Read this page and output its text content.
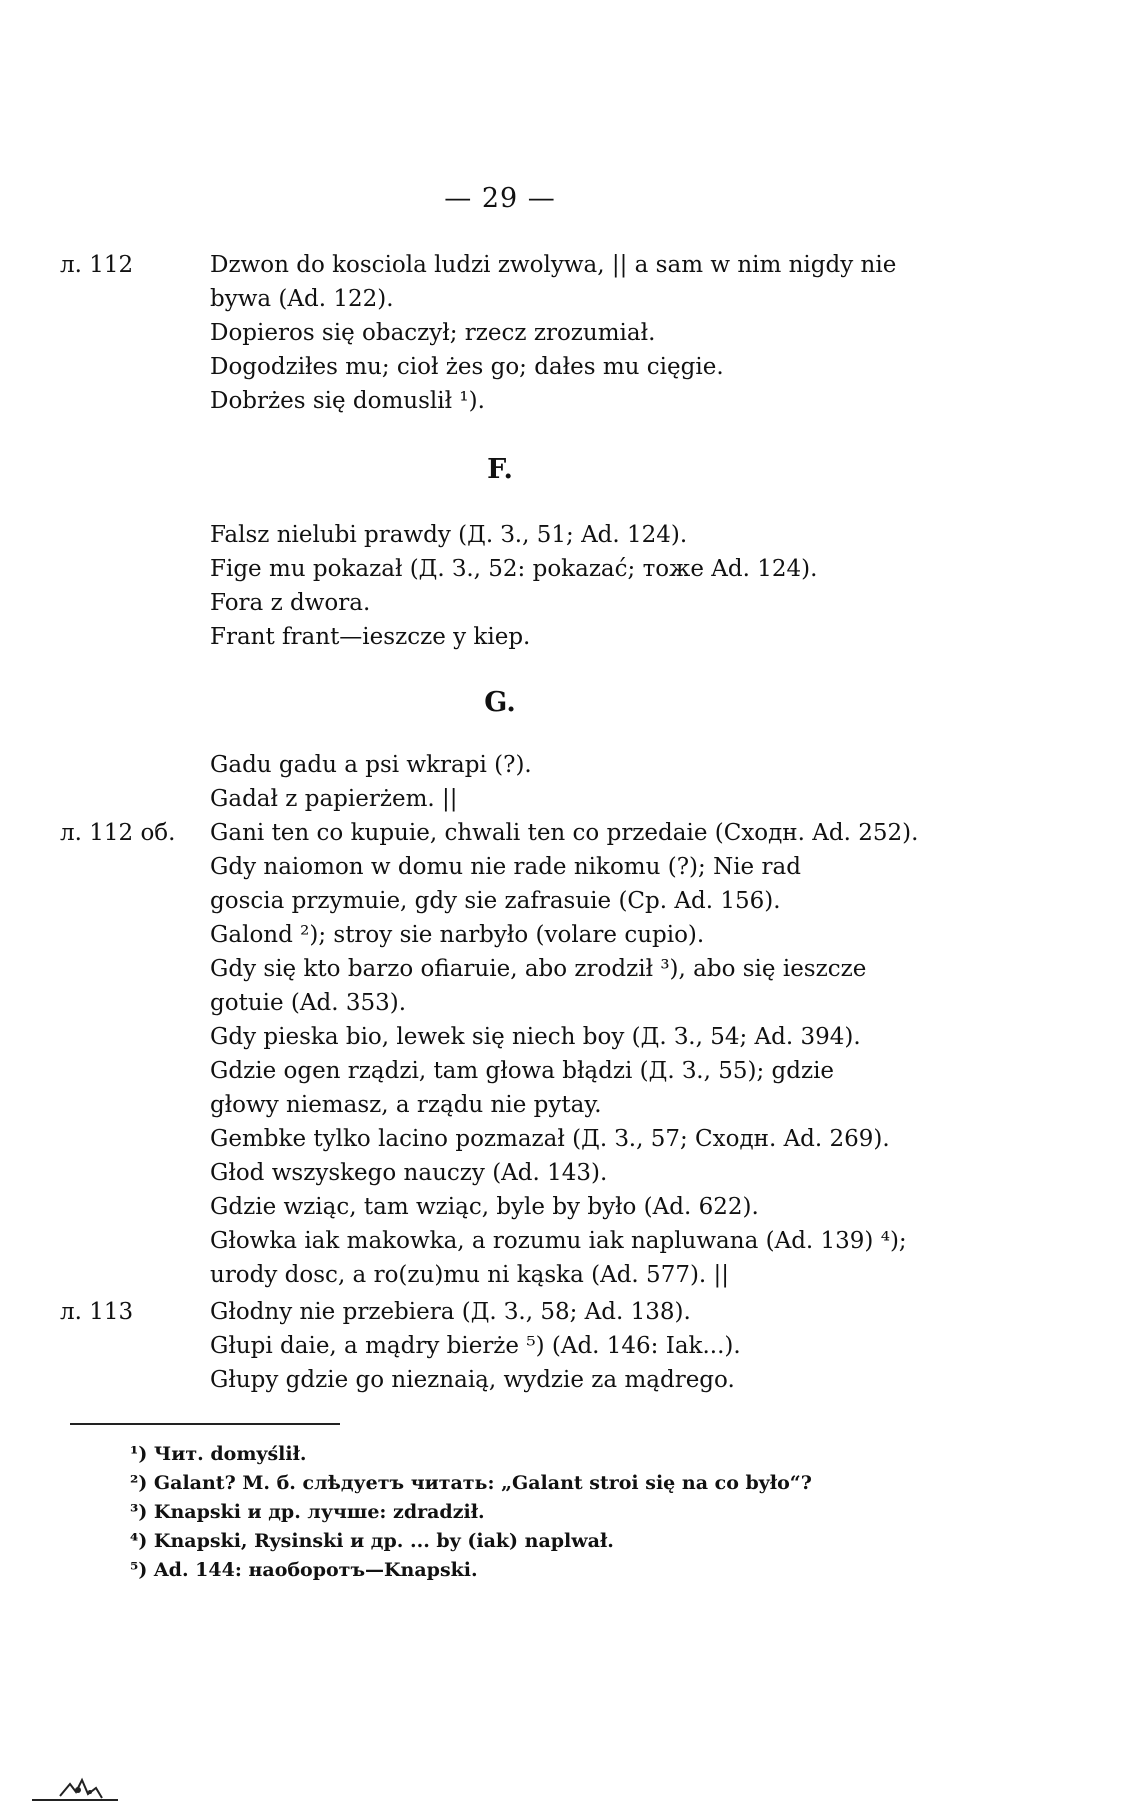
— 29 —
л. 112
л. 112 об.
л. 113
F.
G.
Dzwon do kosciola ludzi zwolywa, || a sam w nim nigdy nie
bywa (Ad. 122).
Dopieros się obaczył; rzecz zrozumiał.
Dogodziłes mu; cioł żes go; dałes mu cięgie.
Dobrżes się domuslił ¹).
Falsz nielubi prawdy (Д. З., 51; Ad. 124).
Fige mu pokazał (Д. З., 52: pokazać; тоже Ad. 124).
Fora z dwora.
Frant frant—ieszcze y kiep.
Gadu gadu a psi wkrapi (?).
Gadał z papierżem. ||
Gani ten co kupuie, chwali ten co przedaie (Сходн. Ad. 252).
Gdy naiomon w domu nie rade nikomu (?); Nie rad
goscia przymuie, gdy sie zafrasuie (Ср. Ad. 156).
Galond ²); stroy sie narbyło (volare cupio).
Gdy się kto barzo ofiaruie, abo zrodził ³), abo się ieszcze
gotuie (Ad. 353).
Gdy pieska bio, lewek się niech boy (Д. З., 54; Ad. 394).
Gdzie ogen rządzi, tam głowa błądzi (Д. З., 55); gdzie
głowy niemasz, a rządu nie pytay.
Gembke tylko lacino pozmazał (Д. З., 57; Сходн. Ad. 269).
Głod wszyskego nauczy (Ad. 143).
Gdzie wziąc, tam wziąc, byle by było (Ad. 622).
Głowka iak makowka, a rozumu iak napluwana (Ad. 139) ⁴);
urody dosc, a ro(zu)mu ni kąska (Ad. 577). ||
Głodny nie przebiera (Д. З., 58; Ad. 138).
Głupi daie, a mądry bierże ⁵) (Ad. 146: Iak...).
Głupy gdzie go nieznaią, wydzie za mądrego.
¹) Чит. domyślił.
²) Galant? М. б. слѣдуетъ читать: „Galant stroi się na co było“?
³) Knapski и др. лучше: zdradził.
⁴) Knapski, Rysinski и др. ... by (iak) naplwał.
⁵) Ad. 144: наоборотъ—Knapski.
